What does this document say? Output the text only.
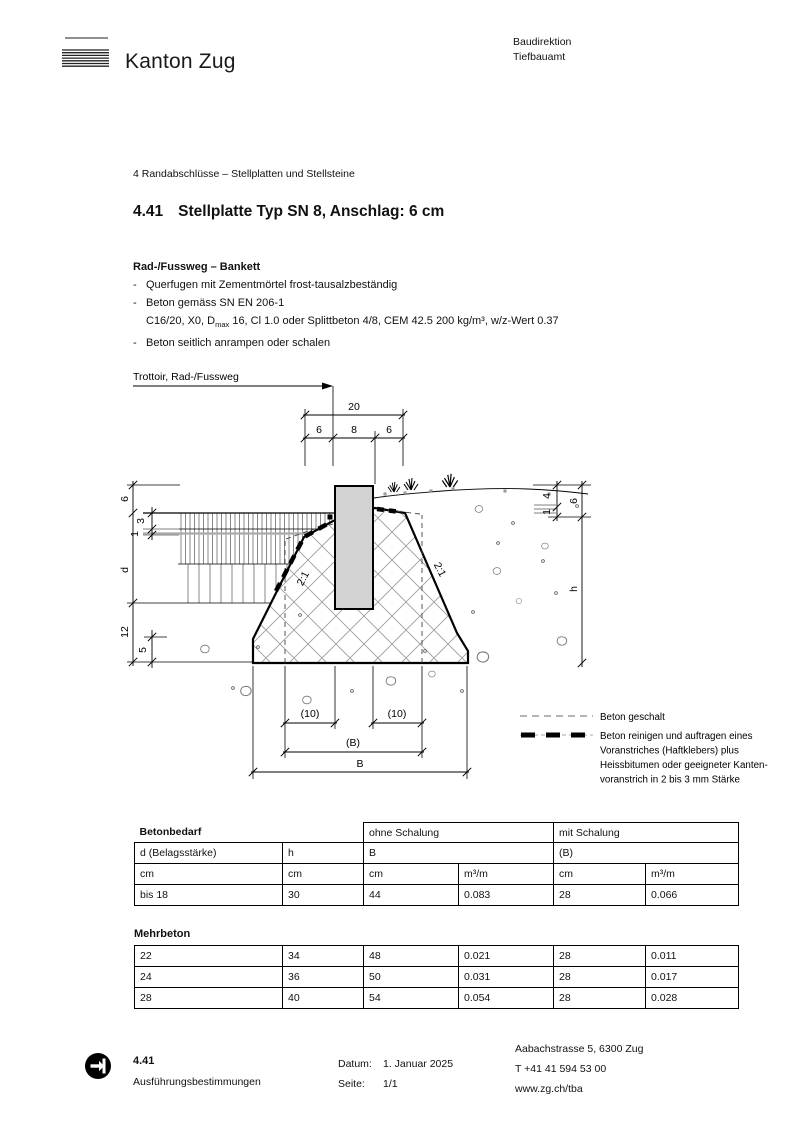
Kanton Zug
Baudirektion
Tiefbauamt
4 Randabschlüsse – Stellplatten und Stellsteine
4.41 Stellplatte Typ SN 8, Anschlag: 6 cm
Rad-/Fussweg – Bankett
- Querfugen mit Zementmörtel frost-tausalzbeständig
- Beton gemäss SN EN 206-1
C16/20, X0, $D_{max}$ 16, Cl 1.0 oder Splittbeton 4/8, CEM 42.5 200 kg/m³, w/z-Wert 0.37
- Beton seitlich anrampen oder schalen
Trottoir, Rad-/Fussweg
20
6	8	6
6
3
1
d
12
5
4
1
6
h
2:1	2:1
(10)	(10)
(B)
B
Beton geschalt
Beton reinigen und auftragen eines
Voranstriches (Haftklebers) plus
Heissbitumen oder geeigneter Kanten-
voranstrich in 2 bis 3 mm Stärke
Betonbedarf		ohne Schalung		mit Schalung	
d (Belagsstärke)	h	B		(B)	
cm	cm	cm	m³/m	cm	m³/m
bis 18	30	44	0.083	28	0.066
Mehrbeton
22	34	48	0.021	28	0.011
24	36	50	0.031	28	0.017
28	40	54	0.054	28	0.028
4.41
Ausführungsbestimmungen
Datum: 1. Januar 2025
Seite: 1/1
Aabachstrasse 5, 6300 Zug
T +41 41 594 53 00
www.zg.ch/tba
